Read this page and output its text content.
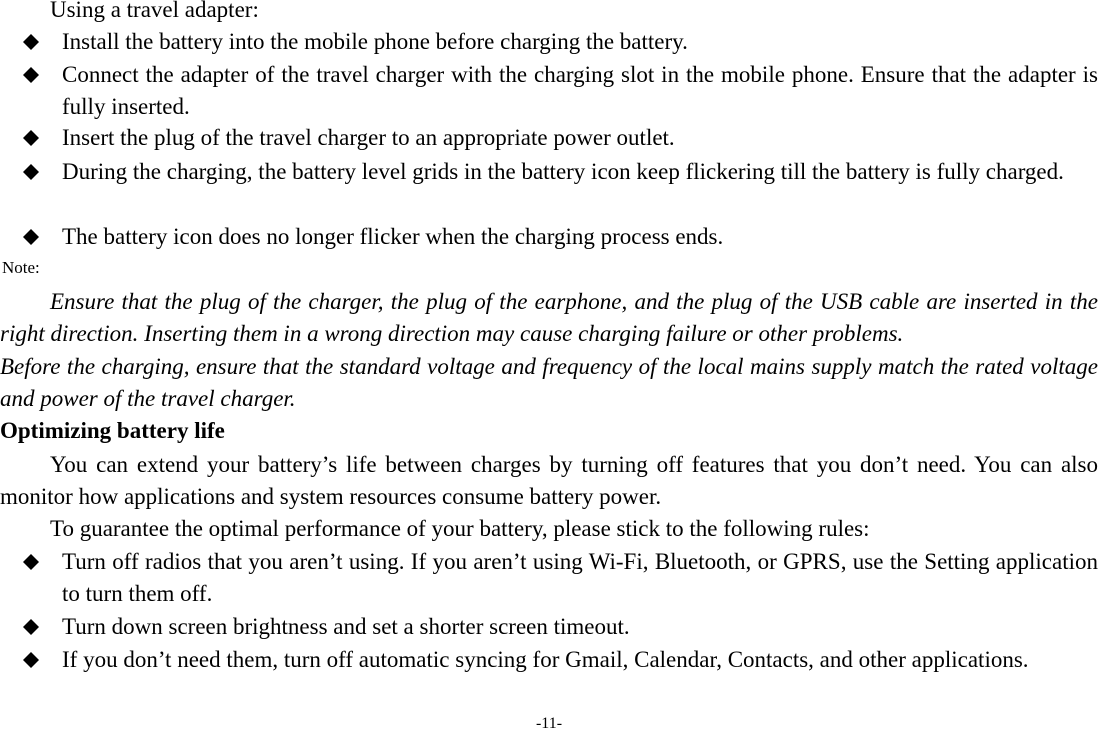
Using a travel adapter:
Install the battery into the mobile phone before charging the battery.
Connect the adapter of the travel charger with the charging slot in the mobile phone. Ensure that the adapter is fully inserted.
Insert the plug of the travel charger to an appropriate power outlet.
During the charging, the battery level grids in the battery icon keep flickering till the battery is fully charged.
The battery icon does no longer flicker when the charging process ends.
Note:
Ensure that the plug of the charger, the plug of the earphone, and the plug of the USB cable are inserted in the right direction. Inserting them in a wrong direction may cause charging failure or other problems.
Before the charging, ensure that the standard voltage and frequency of the local mains supply match the rated voltage and power of the travel charger.
Optimizing battery life
You can extend your battery’s life between charges by turning off features that you don’t need. You can also monitor how applications and system resources consume battery power.
To guarantee the optimal performance of your battery, please stick to the following rules:
Turn off radios that you aren’t using. If you aren’t using Wi-Fi, Bluetooth, or GPRS, use the Setting application to turn them off.
Turn down screen brightness and set a shorter screen timeout.
If you don’t need them, turn off automatic syncing for Gmail, Calendar, Contacts, and other applications.
-11-
